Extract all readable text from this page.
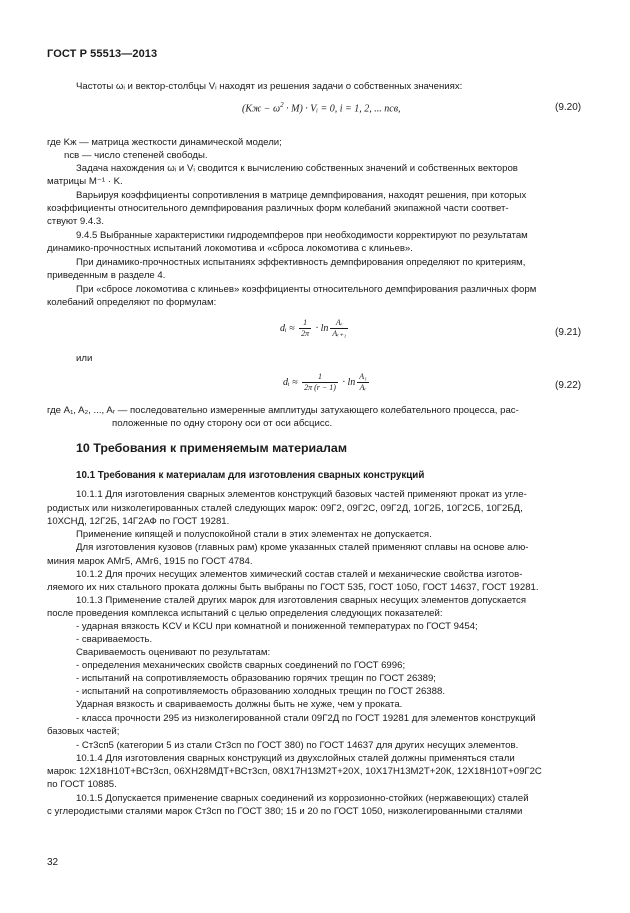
ГОСТ Р 55513—2013
Частоты ωᵢ и вектор-столбцы Vᵢ находят из решения задачи о собственных значениях:
$(Kж - \omega^2 \cdot M)$ · Vᵢ = 0, i = 1, 2, ... nсв,	(9.20)
где Kж — матрица жесткости динамической модели;
nсв — число степеней свободы.
Задача нахождения ωᵢ и Vᵢ сводится к вычислению собственных значений и собственных векторов
матрицы M⁻¹ · K.
Варьируя коэффициенты сопротивления в матрице демпфирования, находят решения, при которых
коэффициенты относительного демпфирования различных форм колебаний экипажной части соответ-
ствуют 9.4.3.
9.4.5 Выбранные характеристики гидродемпферов при необходимости корректируют по результатам
динамико-прочностных испытаний локомотива и «сброса локомотива с клиньев».
При динамико-прочностных испытаниях эффективность демпфирования определяют по критериям,
приведенным в разделе 4.
При «сбросе локомотива с клиньев» коэффициенты относительного демпфирования различных форм
колебаний определяют по формулам:
dᵢ ≈ $\frac{1}{2\pi} \cdot \ln \frac{\text{Aᵣ}}{\text{Aᵣ₊₁}}$	(9.21)
или
dᵢ ≈ $\frac{1}{2\pi (r - 1)} \cdot \ln \frac{\text{A₁}}{\text{Aᵣ}}$	(9.22)
где A₁, A₂, ..., Aᵣ — последовательно измеренные амплитуды затухающего колебательного процесса, рас-
положенные по одну сторону оси от оси абсцисс.
10 Требования к применяемым материалам
10.1 Требования к материалам для изготовления сварных конструкций
10.1.1 Для изготовления сварных элементов конструкций базовых частей применяют прокат из угле-
родистых или низколегированных сталей следующих марок: 09Г2, 09Г2С, 09Г2Д, 10Г2Б, 10Г2СБ, 10Г2БД,
10ХСНД, 12Г2Б, 14Г2АФ по ГОСТ 19281.
Применение кипящей и полуспокойной стали в этих элементах не допускается.
Для изготовления кузовов (главных рам) кроме указанных сталей применяют сплавы на основе алю-
миния марок АМг5, АМг6, 1915 по ГОСТ 4784.
10.1.2 Для прочих несущих элементов химический состав сталей и механические свойства изготов-
ляемого их них стального проката должны быть выбраны по ГОСТ 535, ГОСТ 1050, ГОСТ 14637, ГОСТ 19281.
10.1.3 Применение сталей других марок для изготовления сварных несущих элементов допускается
после проведения комплекса испытаний с целью определения следующих показателей:
- ударная вязкость KCV и KCU при комнатной и пониженной температурах по ГОСТ 9454;
- свариваемость.
Свариваемость оценивают по результатам:
- определения механических свойств сварных соединений по ГОСТ 6996;
- испытаний на сопротивляемость образованию горячих трещин по ГОСТ 26389;
- испытаний на сопротивляемость образованию холодных трещин по ГОСТ 26388.
Ударная вязкость и свариваемость должны быть не хуже, чем у проката.
- класса прочности 295 из низколегированной стали 09Г2Д по ГОСТ 19281 для элементов конструкций
базовых частей;
- Ст3сп5 (категории 5 из стали Ст3сп по ГОСТ 380) по ГОСТ 14637 для других несущих элементов.
10.1.4 Для изготовления сварных конструкций из двухслойных сталей должны применяться стали
марок: 12Х18Н10Т+ВСт3сп, 06ХН28МДТ+ВСт3сп, 08Х17Н13М2Т+20Х, 10Х17Н13М2Т+20К, 12Х18Н10Т+09Г2С
по ГОСТ 10885.
10.1.5 Допускается применение сварных соединений из коррозионно-стойких (нержавеющих) сталей
с углеродистыми сталями марок Ст3сп по ГОСТ 380; 15 и 20 по ГОСТ 1050, низколегированными сталями
32
